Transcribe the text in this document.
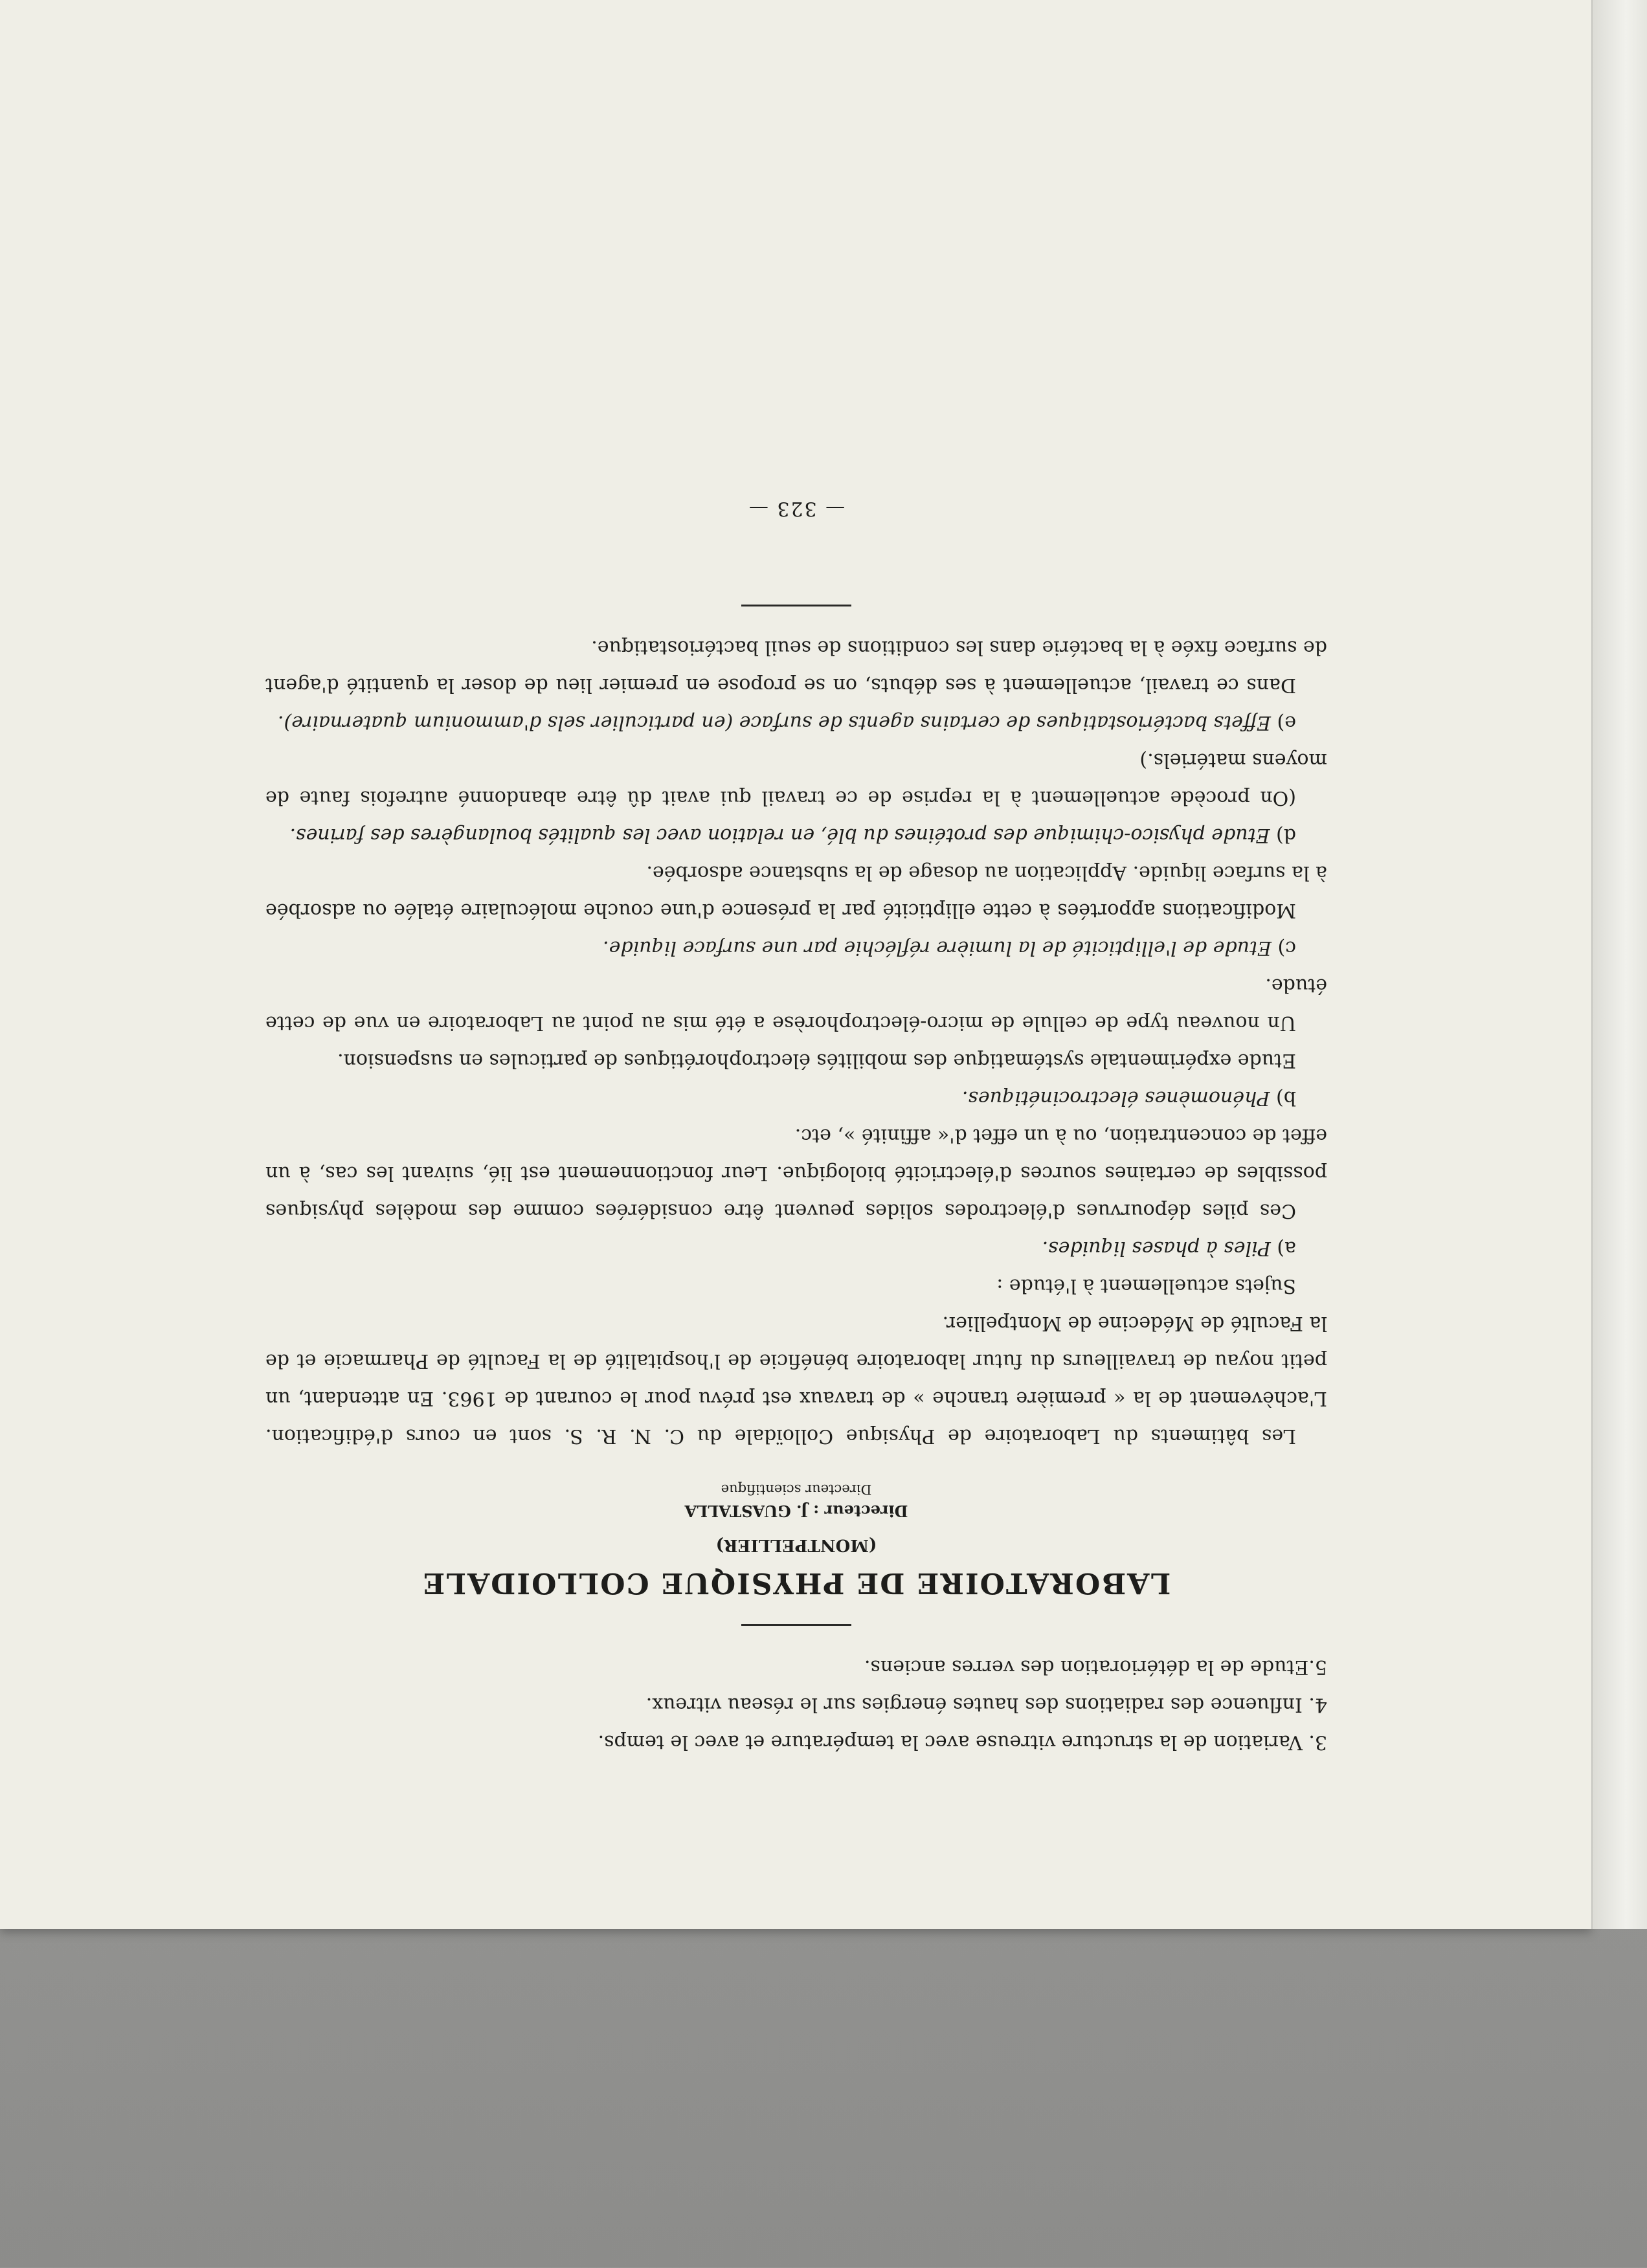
3. Variation de la structure vitreuse avec la température et avec le temps.

4. Influence des radiations des hautes énergies sur le réseau vitreux.

5.Etude de la détérioration des verres anciens.

LABORATOIRE DE PHYSIQUE COLLOIDALE
(MONTPELLIER)
Directeur : J. GUASTALLA
Directeur scientifique

Les bâtiments du Laboratoire de Physique Colloïdale du C. N. R. S. sont en cours d'édification. L'achèvement de la « première tranche » de travaux est prévu pour le courant de 1963. En attendant, un petit noyau de travailleurs du futur laboratoire bénéficie de l'hospitalité de la Faculté de Pharmacie et de la Faculté de Médecine de Montpellier.

Sujets actuellement à l'étude :

a) Piles à phases liquides.

Ces piles dépourvues d'électrodes solides peuvent être considérées comme des modèles physiques possibles de certaines sources d'électricité biologique. Leur fonctionnement est lié, suivant les cas, à un effet de concentration, ou à un effet d'« affinité », etc.

b) Phénomènes électrocinétiques.

Etude expérimentale systématique des mobilités électrophorétiques de particules en suspension.

Un nouveau type de cellule de micro-électrophorèse a été mis au point au Laboratoire en vue de cette étude.

c) Etude de l'ellipticité de la lumière réfléchie par une surface liquide.

Modifications apportées à cette ellipticité par la présence d'une couche moléculaire étalée ou adsorbée à la surface liquide. Application au dosage de la substance adsorbée.

d) Etude physico-chimique des protéines du blé, en relation avec les qualités boulangères des farines.

(On procède actuellement à la reprise de ce travail qui avait dû être abandonné autrefois faute de moyens matériels.)

e) Effets bactériostatiques de certains agents de surface (en particulier sels d'ammonium quaternaire).

Dans ce travail, actuellement à ses débuts, on se propose en premier lieu de doser la quantité d'agent de surface fixée à la bactérie dans les conditions de seuil bactériostatique.

— 323 —
